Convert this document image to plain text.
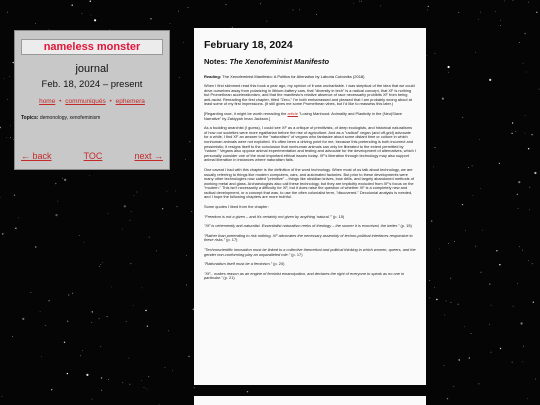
nameless monster
journal
Feb. 18, 2024 – present
home • communiqués • ephemera
Topics: demonology, xenofeminism
← back	TOC	next →
February 18, 2024
Notes: The Xenofeminist Manifesto
Reading: The Xenofeminist Manifesto: A Politics for Alienation by Laboria Cuboniks (2018)

When I first skimmed read this book a year ago, my opinion of it was uncharitable. I was skeptical of the idea that we could drive ourselves away from polarizing in lithium-battery cars, that "diversity in tech" is a radical concept, that XF is nothing but Promethean accelerationism, and that the manifesto's relative absence of race necessarily prohibits XF from being anti-racist. Rereading the first chapter, titled "Zero," I'm both embarrassed and pleased that I am probably wrong about at least some of my first impressions. (It still gives me some Promethean vibes, but I'd like to reassess this later.)

[Regarding race, it might be worth rereading the article "Losing Manhood: Animality and Plasticity in the (Neo)Slave Narrative" by Zakiyyah Iman Jackson.]

As a budding anarchist (I guess), I could see XF as a critique of primitivists, of deep ecologists, and historical naturalisms of how our societies were more egalitarian before the rise of agriculture. And as a "radical" vegan (and off-grid) advocate for a while, I find XF an answer to the "naturalism" of vegans who fantasize about some distant time or culture in which nonhuman animals were not exploited. It's often been a driving point for me, because this pretending is both incorrect and pessimistic; it resigns itself to the conclusion that nonhuman animals can only be liberated to the extent permitted by "nature." Vegans also oppose animal experimentation and testing and advocate for the development of alternatives, which I personally consider one of the most important ethical issues today. XF's liberation through technology may also support animal liberation in instances where naturalism fails.

One caveat I had with this chapter is the definition of the word technology. When most of us talk about technology, we are usually referring to things like modern computers, cars, and automated factories. But prior to these developments were many other technologies now called "primitive" – things like obsidian knives, bow drills, and largely abandoned methods of working metal and glass. Archaeologists also call these technology, but they are implicitly excluded from XF's focus on the "modern." This isn't necessarily a difficulty for XF, but it does raise the question of whether XF is a completely new and radical development, or a concept that was, to use the often colonialist term, "discovered." Decolonial analysis is needed, and I hope the following chapters are more truthful.

Some quotes I liked from the chapter:

"Freedom is not a given – and it's certainly not given by anything 'natural.'" (p. 15)

"XF is vehemently anti-naturalist. Essentialist naturalism reeks of theology – the sooner it is exorcised, the better." (p. 15)

"Rather than pretending to risk nothing, XF advocates the necessary assembly of techno-political interfaces responsive to these risks." (p. 17)

"Technoscientific innovation must be linked to a collective theoretical and political thinking in which women, queers, and the gender non-conforming play an unparalleled role." (p. 17)

"Rationalism itself must be a feminism." (p. 20)

"XF... makes reason as an engine of feminist emancipation, and declares the right of everyone to speak as no one in particular." (p. 21)
